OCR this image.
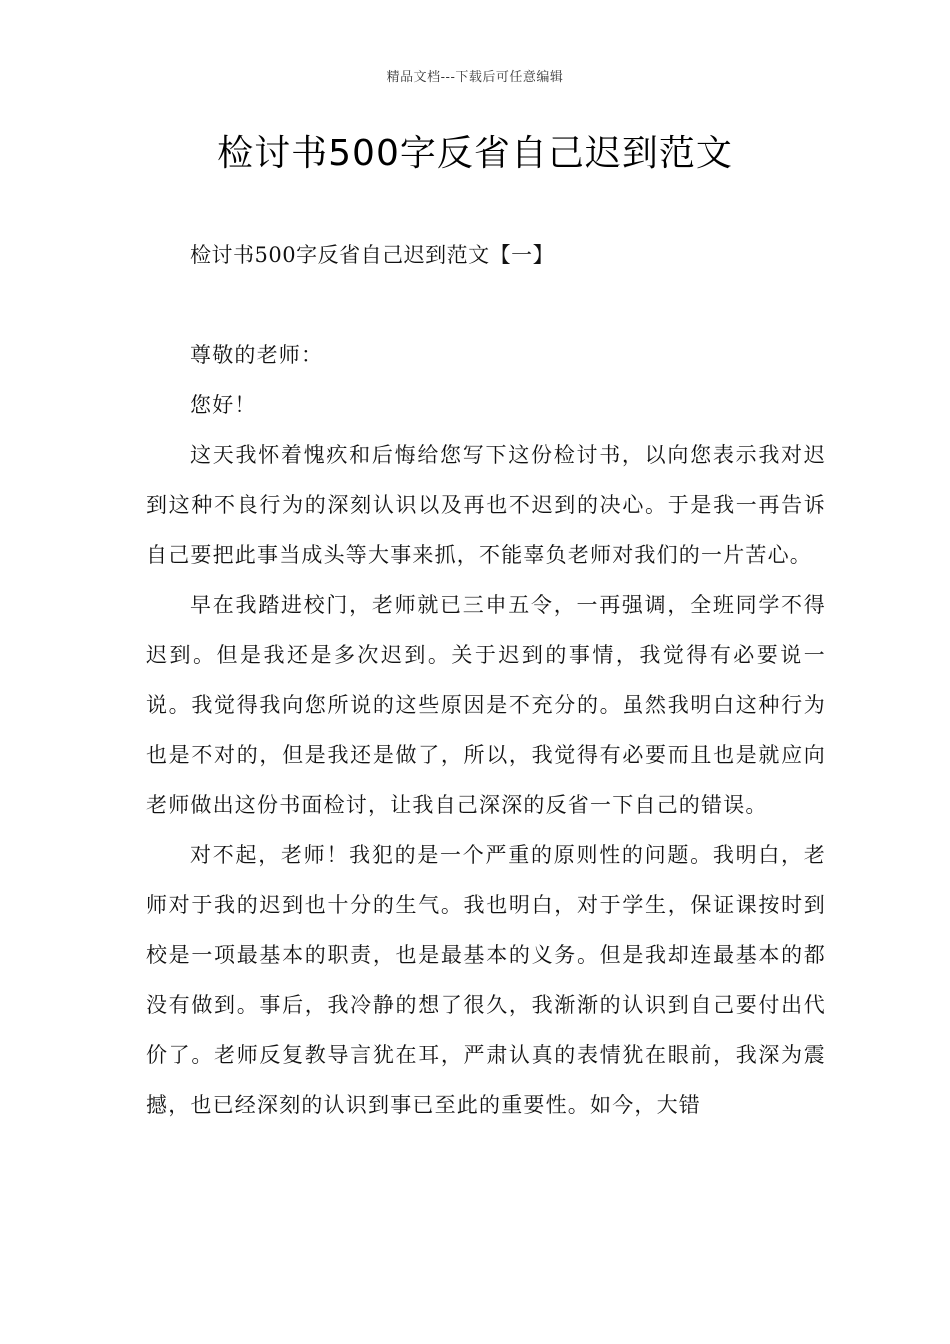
精品文档---下载后可任意编辑
检讨书500字反省自己迟到范文

检讨书500字反省自己迟到范文【一】

尊敬的老师：

您好！

这天我怀着愧疚和后悔给您写下这份检讨书，以向您表示我对迟到这种不良行为的深刻认识以及再也不迟到的决心。于是我一再告诉自己要把此事当成头等大事来抓，不能辜负老师对我们的一片苦心。

早在我踏进校门，老师就已三申五令，一再强调，全班同学不得迟到。但是我还是多次迟到。关于迟到的事情，我觉得有必要说一说。我觉得我向您所说的这些原因是不充分的。虽然我明白这种行为也是不对的，但是我还是做了，所以，我觉得有必要而且也是就应向老师做出这份书面检讨，让我自己深深的反省一下自己的错误。

对不起，老师！我犯的是一个严重的原则性的问题。我明白，老师对于我的迟到也十分的生气。我也明白，对于学生，保证课按时到校是一项最基本的职责，也是最基本的义务。但是我却连最基本的都没有做到。事后，我冷静的想了很久，我渐渐的认识到自己要付出代价了。老师反复教导言犹在耳，严肃认真的表情犹在眼前，我深为震撼，也已经深刻的认识到事已至此的重要性。如今，大错
